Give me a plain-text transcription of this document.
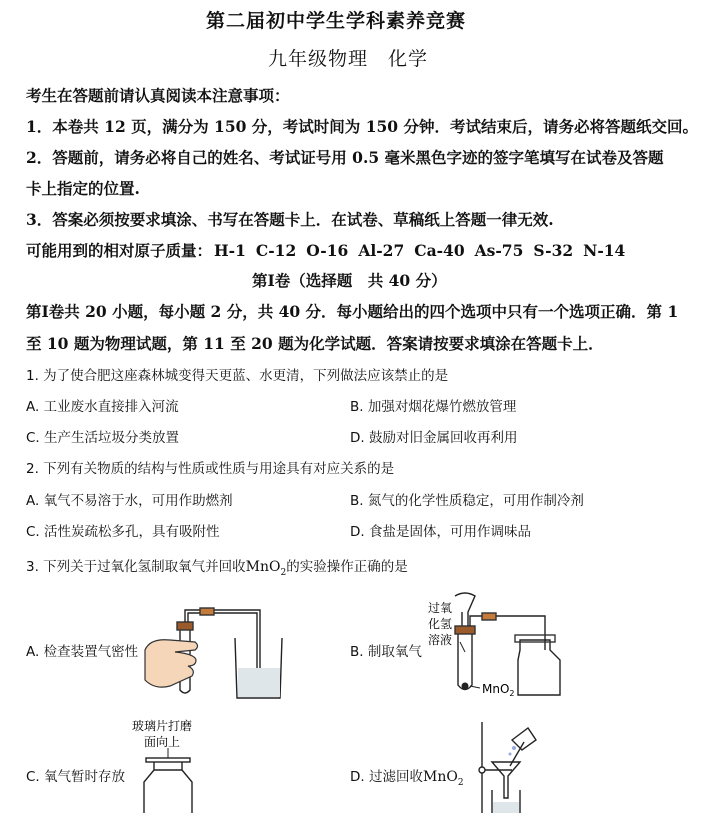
第二届初中学生学科素养竞赛
九年级物理　化学
考生在答题前请认真阅读本注意事项：
1．本卷共 12 页，满分为 150 分，考试时间为 150 分钟．考试结束后，请务必将答题纸交回。
2．答题前，请务必将自己的姓名、考试证号用 0.5 毫米黑色字迹的签字笔填写在试卷及答题
卡上指定的位置.
3．答案必须按要求填涂、书写在答题卡上．在试卷、草稿纸上答题一律无效.
可能用到的相对原子质量： H-1 C-12 O-16 Al-27 Ca-40 As-75 S-32 N-14
第Ⅰ卷（选择题　共 40 分）
第Ⅰ卷共 20 小题，每小题 2 分，共 40 分．每小题给出的四个选项中只有一个选项正确．第 1
至 10 题为物理试题，第 11 至 20 题为化学试题．答案请按要求填涂在答题卡上．
1. 为了使合肥这座森林城变得天更蓝、水更清，下列做法应该禁止的是
A. 工业废水直接排入河流	B. 加强对烟花爆竹燃放管理
C. 生产生活垃圾分类放置	D. 鼓励对旧金属回收再利用
2. 下列有关物质的结构与性质或性质与用途具有对应关系的是
A. 氧气不易溶于水，可用作助燃剂	B. 氮气的化学性质稳定，可用作制冷剂
C. 活性炭疏松多孔，具有吸附性	D. 食盐是固体，可用作调味品
3. 下列关于过氧化氢制取氧气并回收MnO$_2$的实验操作正确的是
A. 检查装置气密性	B. 制取氧气
C. 氧气暂时存放	D. 过滤回收MnO$_2$
过氧
化氢
溶液
MnO$_2$
玻璃片打磨
面向上
